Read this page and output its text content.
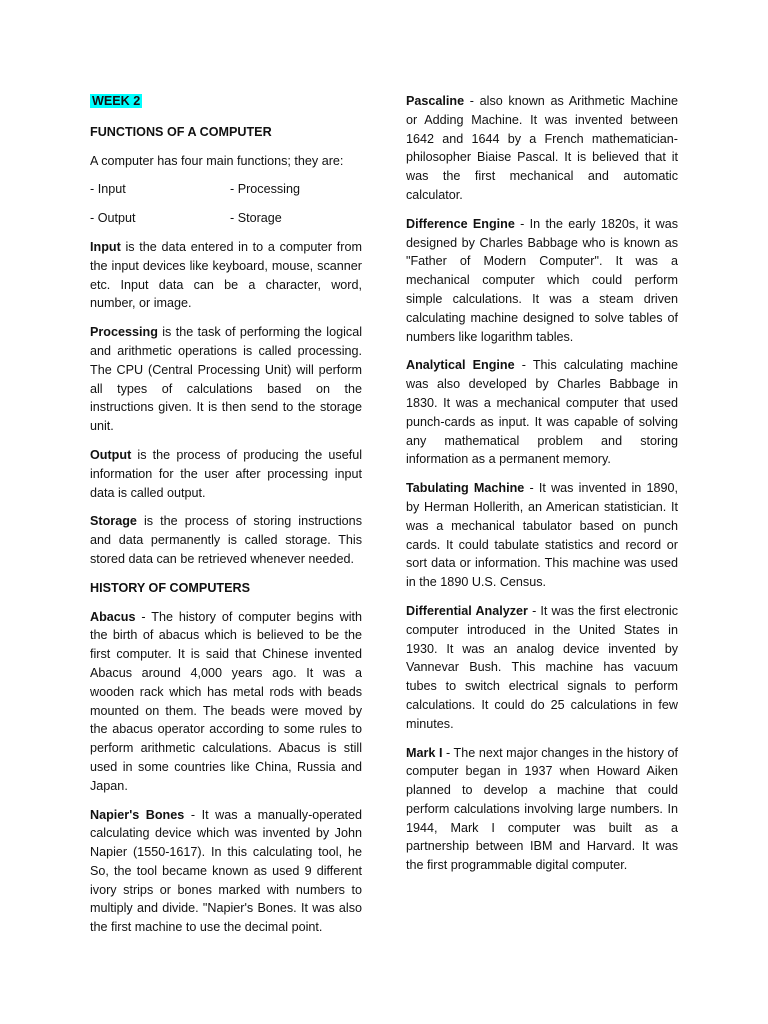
WEEK 2

FUNCTIONS OF A COMPUTER

A computer has four main functions; they are:

- Input	- Processing
- Output	- Storage

Input is the data entered in to a computer from the input devices like keyboard, mouse, scanner etc. Input data can be a character, word, number, or image.

Processing is the task of performing the logical and arithmetic operations is called processing. The CPU (Central Processing Unit) will perform all types of calculations based on the instructions given. It is then send to the storage unit.

Output is the process of producing the useful information for the user after processing input data is called output.

Storage is the process of storing instructions and data permanently is called storage. This stored data can be retrieved whenever needed.

HISTORY OF COMPUTERS

Abacus - The history of computer begins with the birth of abacus which is believed to be the first computer. It is said that Chinese invented Abacus around 4,000 years ago. It was a wooden rack which has metal rods with beads mounted on them. The beads were moved by the abacus operator according to some rules to perform arithmetic calculations. Abacus is still used in some countries like China, Russia and Japan.

Napier's Bones - It was a manually-operated calculating device which was invented by John Napier (1550-1617). In this calculating tool, he So, the tool became known as used 9 different ivory strips or bones marked with numbers to multiply and divide. "Napier's Bones. It was also the first machine to use the decimal point.

Pascaline - also known as Arithmetic Machine or Adding Machine. It was invented between 1642 and 1644 by a French mathematician-philosopher Biaise Pascal. It is believed that it was the first mechanical and automatic calculator.

Difference Engine - In the early 1820s, it was designed by Charles Babbage who is known as "Father of Modern Computer". It was a mechanical computer which could perform simple calculations. It was a steam driven calculating machine designed to solve tables of numbers like logarithm tables.

Analytical Engine - This calculating machine was also developed by Charles Babbage in 1830. It was a mechanical computer that used punch-cards as input. It was capable of solving any mathematical problem and storing information as a permanent memory.

Tabulating Machine - It was invented in 1890, by Herman Hollerith, an American statistician. It was a mechanical tabulator based on punch cards. It could tabulate statistics and record or sort data or information. This machine was used in the 1890 U.S. Census.

Differential Analyzer - It was the first electronic computer introduced in the United States in 1930. It was an analog device invented by Vannevar Bush. This machine has vacuum tubes to switch electrical signals to perform calculations. It could do 25 calculations in few minutes.

Mark I - The next major changes in the history of computer began in 1937 when Howard Aiken planned to develop a machine that could perform calculations involving large numbers. In 1944, Mark I computer was built as a partnership between IBM and Harvard. It was the first programmable digital computer.
